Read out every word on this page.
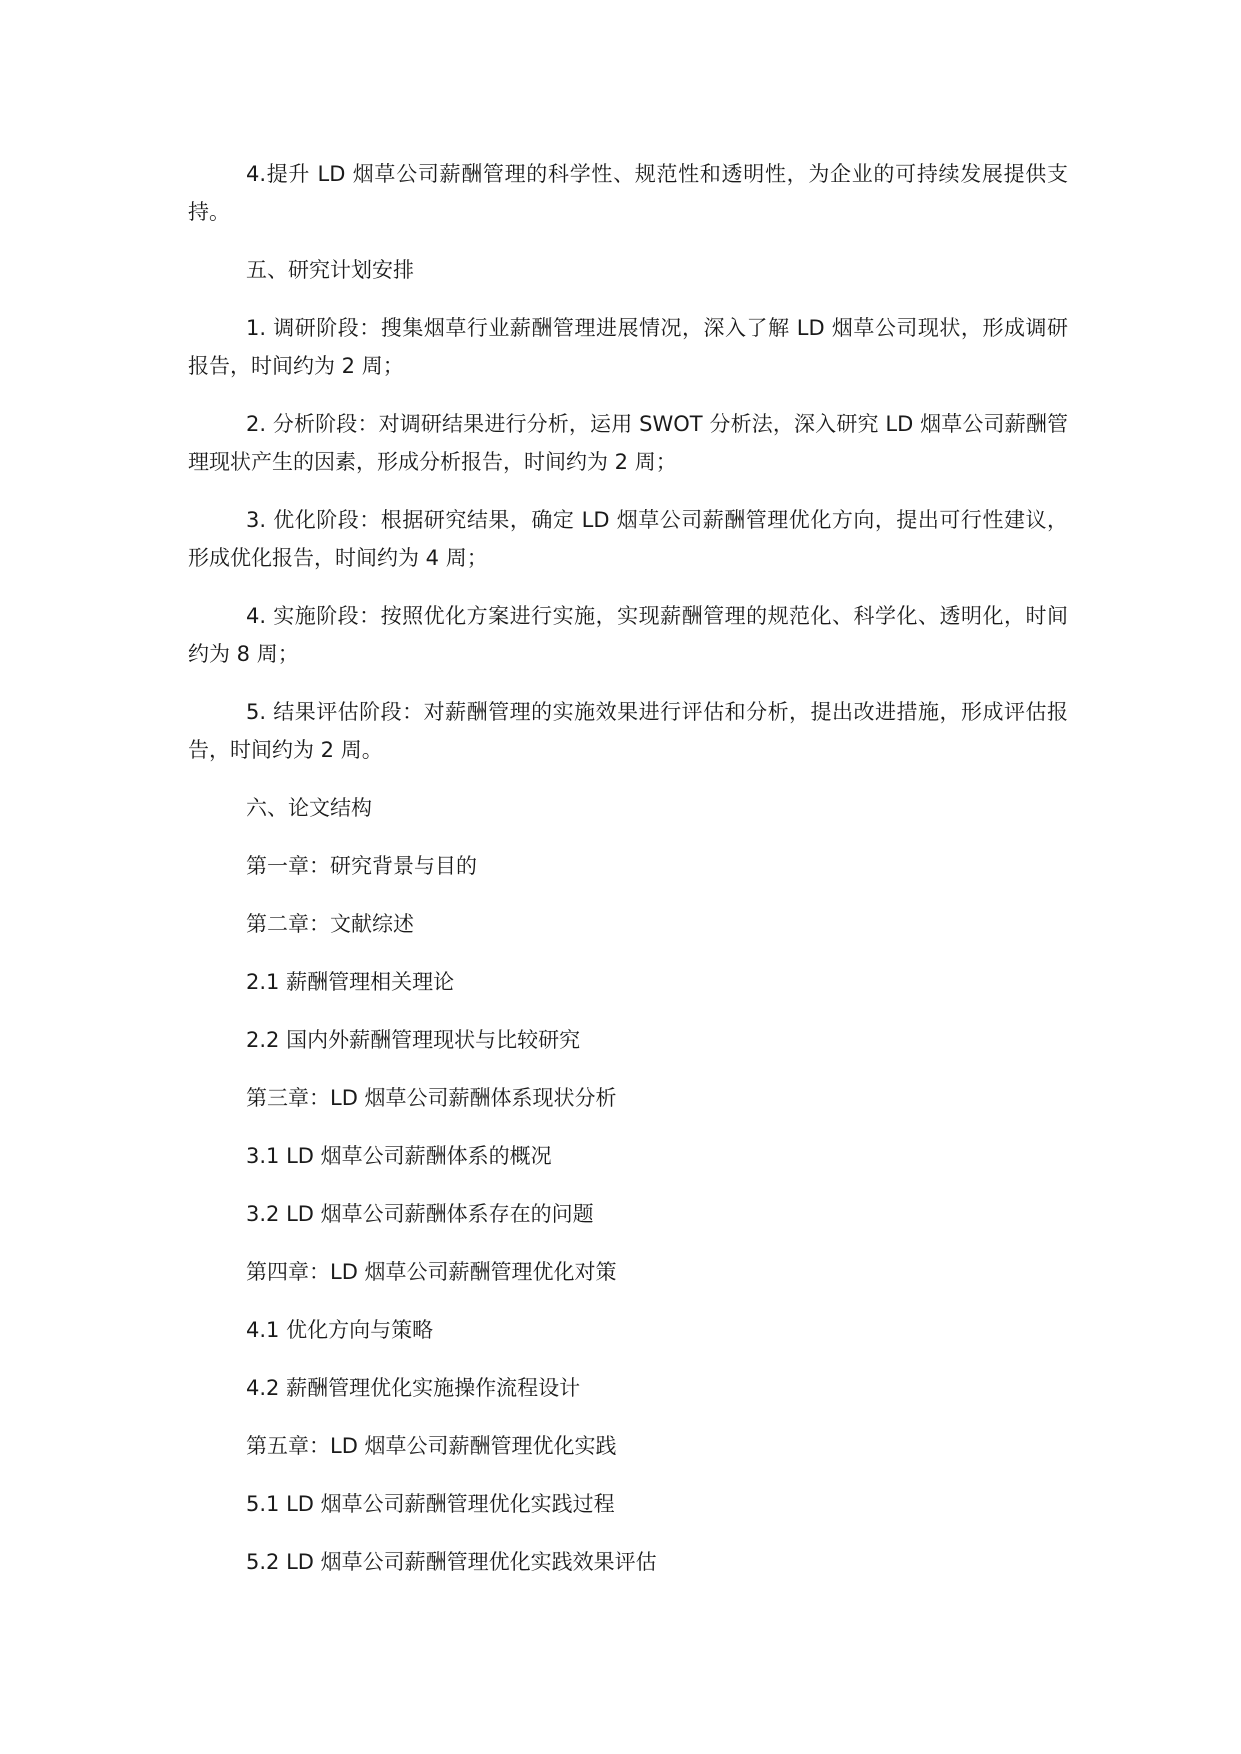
4.提升 LD 烟草公司薪酬管理的科学性、规范性和透明性，为企业的可持续发展提供支持。

五、研究计划安排

1. 调研阶段：搜集烟草行业薪酬管理进展情况，深入了解 LD 烟草公司现状，形成调研报告，时间约为 2 周；

2. 分析阶段：对调研结果进行分析，运用 SWOT 分析法，深入研究 LD 烟草公司薪酬管理现状产生的因素，形成分析报告，时间约为 2 周；

3. 优化阶段：根据研究结果，确定 LD 烟草公司薪酬管理优化方向，提出可行性建议，形成优化报告，时间约为 4 周；

4. 实施阶段：按照优化方案进行实施，实现薪酬管理的规范化、科学化、透明化，时间约为 8 周；

5. 结果评估阶段：对薪酬管理的实施效果进行评估和分析，提出改进措施，形成评估报告，时间约为 2 周。

六、论文结构
第一章：研究背景与目的
第二章：文献综述
2.1 薪酬管理相关理论
2.2 国内外薪酬管理现状与比较研究
第三章：LD 烟草公司薪酬体系现状分析
3.1 LD 烟草公司薪酬体系的概况
3.2 LD 烟草公司薪酬体系存在的问题
第四章：LD 烟草公司薪酬管理优化对策
4.1 优化方向与策略
4.2 薪酬管理优化实施操作流程设计
第五章：LD 烟草公司薪酬管理优化实践
5.1 LD 烟草公司薪酬管理优化实践过程
5.2 LD 烟草公司薪酬管理优化实践效果评估
